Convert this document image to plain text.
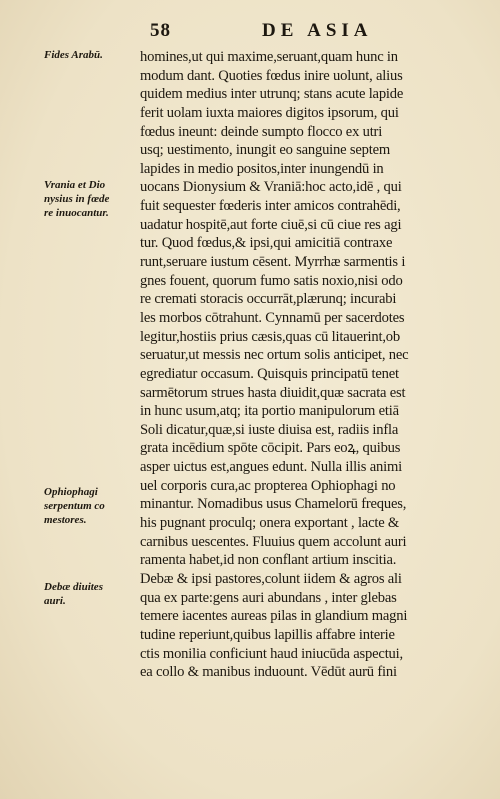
58	DE ASIA
Fides Arabū.
Vrania et Dio
nysius in fœde
re inuocantur.
Ophiophagi
serpentum co
mestores.
Debæ diuites
auri.
homines,ut qui maxime,seruant,quam hunc in
modum dant. Quoties fœdus inire uolunt, alius
quidem medius inter utrunq; stans acute lapide
ferit uolam iuxta maiores digitos ipsorum, qui
fœdus ineunt: deinde sumpto flocco ex utri
usq; uestimento, inungit eo sanguine septem
lapides in medio positos,inter inungendū in
uocans Dionysium & Vraniā:hoc acto,idē , qui
fuit sequester fœderis inter amicos contrahēdi,
uadatur hospitē,aut forte ciuē,si cū ciue res agi
tur. Quod fœdus,& ipsi,qui amicitiā contraxe
runt,seruare iustum cēsent. Myrrhæ sarmentis i
gnes fouent, quorum fumo satis noxio,nisi odo
re cremati storacis occurrāt,plærunq; incurabi
les morbos cōtrahunt. Cynnamū per sacerdotes
legitur,hostiis prius cæsis,quas cū litauerint,ob
seruatur,ut messis nec ortum solis anticipet, nec
egrediatur occasum. Quisquis principatū tenet
sarmētorum strues hasta diuidit,quæ sacrata est
in hunc usum,atq; ita portio manipulorum etiā
Soli dicatur,quæ,si iuste diuisa est, radiis infla
grata incēdium spōte cōcipit. Pars eoꝝ, quibus
asper uictus est,angues edunt. Nulla illis animi
uel corporis cura,ac propterea Ophiophagi no
minantur. Nomadibus usus Chamelorū freques,
his pugnant proculq; onera exportant , lacte &
carnibus uescentes. Fluuius quem accolunt auri
ramenta habet,id non conflant artium inscitia.
Debæ & ipsi pastores,colunt iidem & agros ali
qua ex parte:gens auri abundans , inter glebas
temere iacentes aureas pilas in glandium magni
tudine reperiunt,quibus lapillis affabre interie
ctis monilia conficiunt haud iniucūda aspectui,
ea collo & manibus induount. Vēdūt aurū fini
